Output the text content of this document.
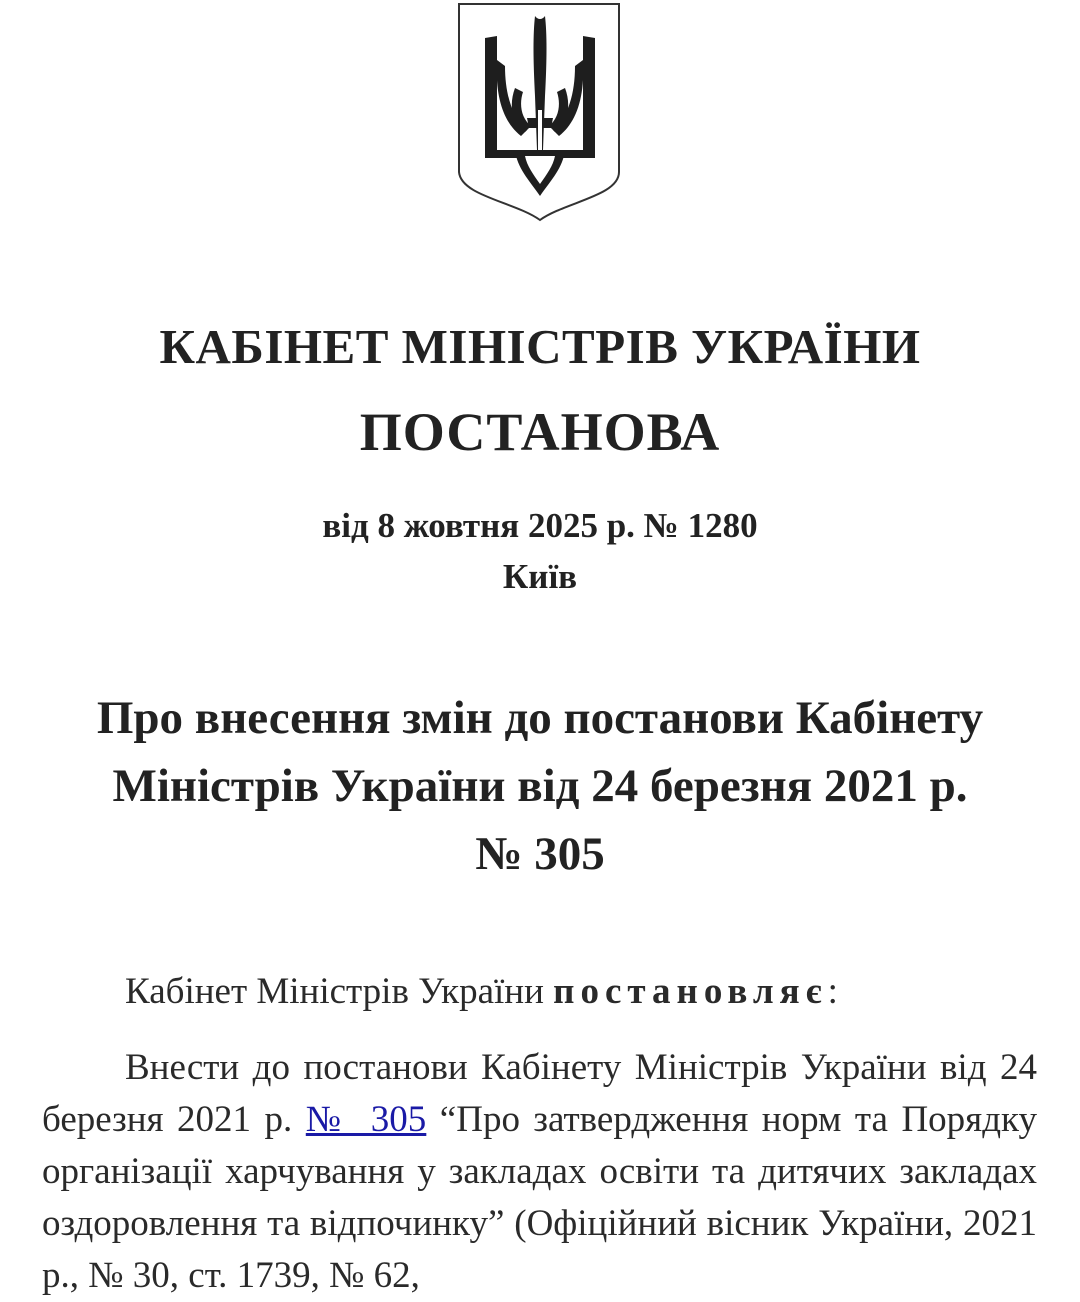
КАБІНЕТ МІНІСТРІВ УКРАЇНИ
ПОСТАНОВА
від 8 жовтня 2025 р. № 1280
Київ
Про внесення змін до постанови Кабінету Міністрів України від 24 березня 2021 р. № 305
Кабінет Міністрів України постановляє:
Внести до постанови Кабінету Міністрів України від 24 березня 2021 р. № 305 “Про затвердження норм та Порядку організації харчування у закладах освіти та дитячих закладах оздоровлення та відпочинку” (Офіційний вісник України, 2021 р., № 30, ст. 1739, № 62,
